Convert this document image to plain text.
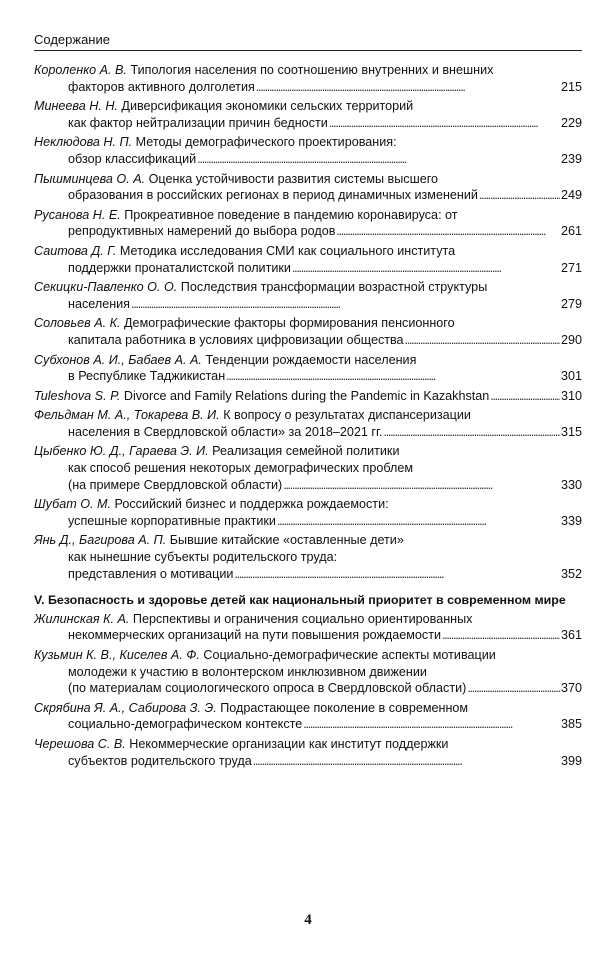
Содержание
Короленко А. В. Типология населения по соотношению внутренних и внешних
факторов активного долголетия . . .	215
Минеева Н. Н. Диверсификация экономики сельских территорий
как фактор нейтрализации причин бедности . . .	229
Неклюдова Н. П. Методы демографического проектирования:
обзор классификаций . . .	239
Пышминцева О. А. Оценка устойчивости развития системы высшего
образования в российских регионах в период динамичных изменений . . .	249
Русанова Н. Е. Прокреативное поведение в пандемию коронавируса: от
репродуктивных намерений до выбора родов . . .	261
Саитова Д. Г. Методика исследования СМИ как социального института
поддержки пронаталистской политики . . .	271
Секицки-Павленко О. О. Последствия трансформации возрастной структуры
населения . . .	279
Соловьев А. К. Демографические факторы формирования пенсионного
капитала работника в условиях цифровизации общества . . .	290
Субхонов А. И., Бабаев А. А. Тенденции рождаемости населения
в Республике Таджикистан . . .	301
Tuleshova S. P. Divorce and Family Relations during the Pandemic in Kazakhstan . . .	310
Фельдман М. А., Токарева В. И. К вопросу о результатах диспансеризации
населения в Свердловской области» за 2018–2021 гг. . . .	315
Цыбенко Ю. Д., Гараева Э. И. Реализация семейной политики
как способ решения некоторых демографических проблем
(на примере Свердловской области) . . .	330
Шубат О. М. Российский бизнес и поддержка рождаемости:
успешные корпоративные практики . . .	339
Янь Д., Багирова А. П. Бывшие китайские «оставленные дети»
как нынешние субъекты родительского труда:
представления о мотивации . . .	352
V. Безопасность и здоровье детей как национальный приоритет в современном мире
Жилинская К. А. Перспективы и ограничения социально ориентированных
некоммерческих организаций на пути повышения рождаемости . . .	361
Кузьмин К. В., Киселев А. Ф. Социально-демографические аспекты мотивации
молодежи к участию в волонтерском инклюзивном движении
(по материалам социологического опроса в Свердловской области) . . .	370
Скрябина Я. А., Сабирова З. Э. Подрастающее поколение в современном
социально-демографическом контексте . . .	385
Черешова С. В. Некоммерческие организации как институт поддержки
субъектов родительского труда . . .	399
4
